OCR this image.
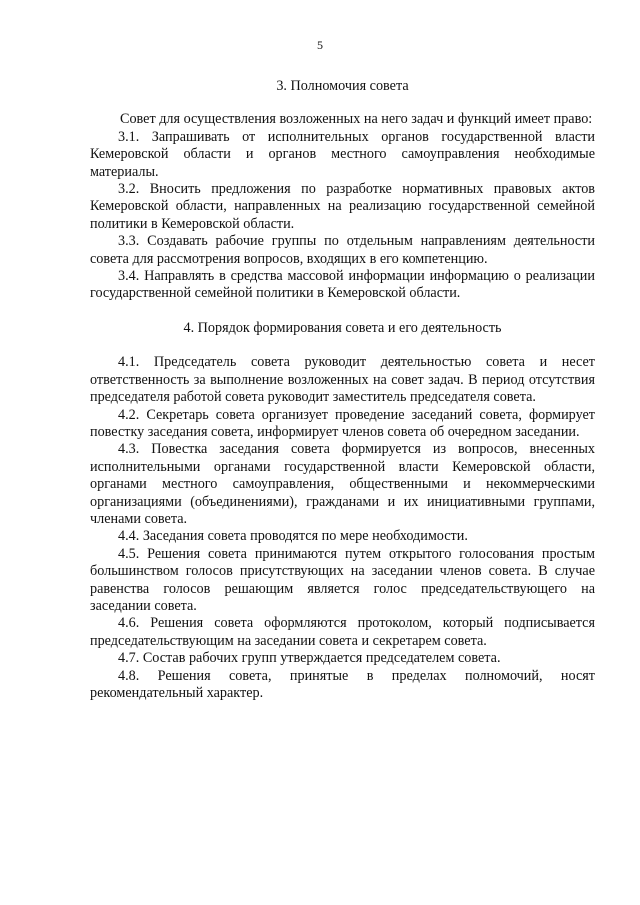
5
3. Полномочия совета

Совет для осуществления возложенных на него задач и функций имеет право:

3.1. Запрашивать от исполнительных органов государственной власти Кемеровской области и органов местного самоуправления необходимые материалы.

3.2. Вносить предложения по разработке нормативных правовых актов Кемеровской области, направленных на реализацию государственной семейной политики в Кемеровской области.

3.3. Создавать рабочие группы по отдельным направлениям деятельности совета для рассмотрения вопросов, входящих в его компетенцию.

3.4. Направлять в средства массовой информации информацию о реализации государственной семейной политики в Кемеровской области.

4. Порядок формирования совета и его деятельность

4.1. Председатель совета руководит деятельностью совета и несет ответственность за выполнение возложенных на совет задач. В период отсутствия председателя работой совета руководит заместитель председателя совета.

4.2. Секретарь совета организует проведение заседаний совета, формирует повестку заседания совета, информирует членов совета об очередном заседании.

4.3. Повестка заседания совета формируется из вопросов, внесенных исполнительными органами государственной власти Кемеровской области, органами местного самоуправления, общественными и некоммерческими организациями (объединениями), гражданами и их инициативными группами, членами совета.

4.4. Заседания совета проводятся по мере необходимости.

4.5. Решения совета принимаются путем открытого голосования простым большинством голосов присутствующих на заседании членов совета. В случае равенства голосов решающим является голос председательствующего на заседании совета.

4.6. Решения совета оформляются протоколом, который подписывается председательствующим на заседании совета и секретарем совета.

4.7. Состав рабочих групп утверждается председателем совета.

4.8. Решения совета, принятые в пределах полномочий, носят рекомендательный характер.
